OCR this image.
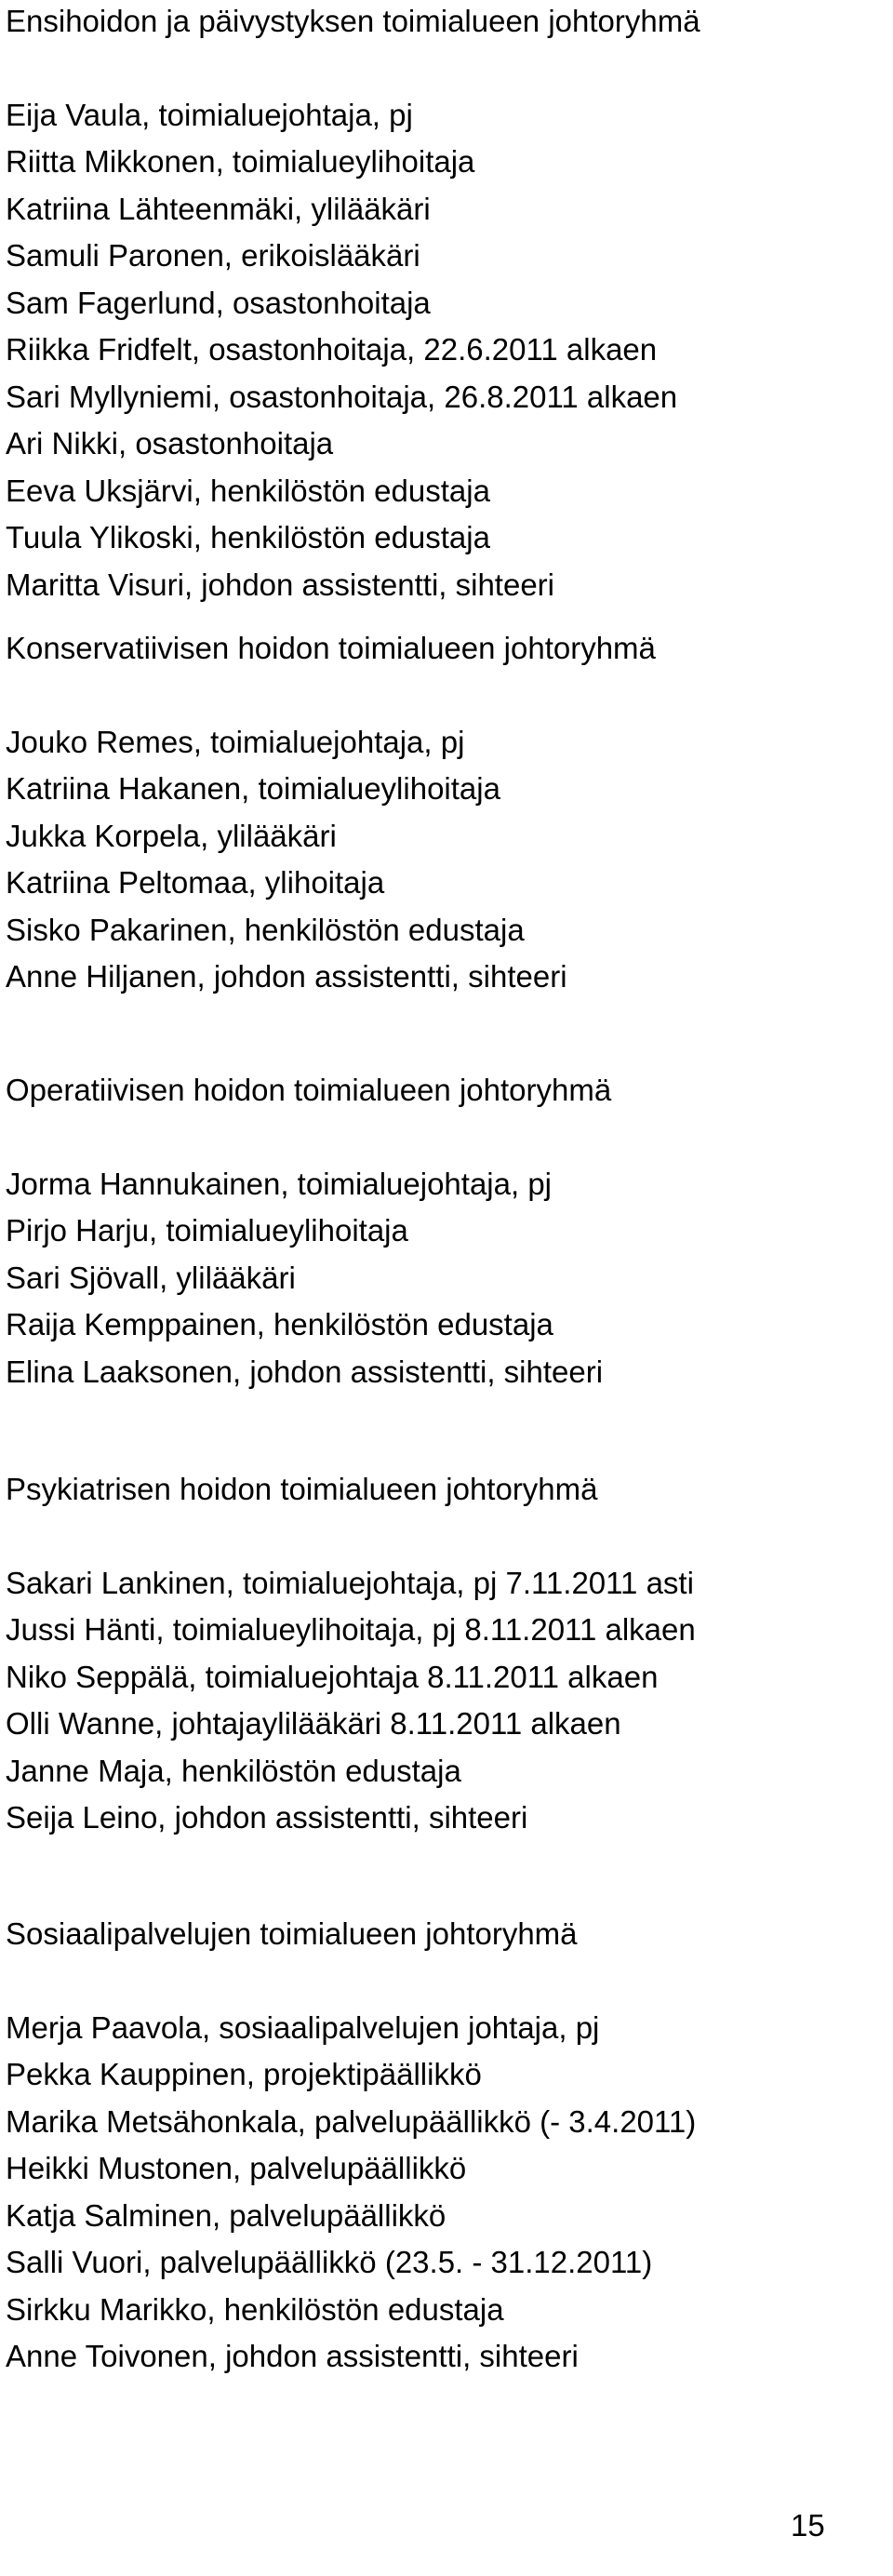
Ensihoidon ja päivystyksen toimialueen johtoryhmä

Eija Vaula, toimialuejohtaja, pj

Riitta Mikkonen, toimialueylihoitaja

Katriina Lähteenmäki, ylilääkäri

Samuli Paronen, erikoislääkäri

Sam Fagerlund, osastonhoitaja

Riikka Fridfelt, osastonhoitaja, 22.6.2011 alkaen

Sari Myllyniemi, osastonhoitaja, 26.8.2011 alkaen

Ari Nikki, osastonhoitaja

Eeva Uksjärvi, henkilöstön edustaja

Tuula Ylikoski, henkilöstön edustaja

Maritta Visuri, johdon assistentti, sihteeri

Konservatiivisen hoidon toimialueen johtoryhmä

Jouko Remes, toimialuejohtaja, pj

Katriina Hakanen, toimialueylihoitaja

Jukka Korpela, ylilääkäri

Katriina Peltomaa, ylihoitaja

Sisko Pakarinen, henkilöstön edustaja

Anne Hiljanen, johdon assistentti, sihteeri

Operatiivisen hoidon toimialueen johtoryhmä

Jorma Hannukainen, toimialuejohtaja, pj

Pirjo Harju, toimialueylihoitaja

Sari Sjövall, ylilääkäri

Raija Kemppainen, henkilöstön edustaja

Elina Laaksonen, johdon assistentti, sihteeri

Psykiatrisen hoidon toimialueen johtoryhmä

Sakari Lankinen, toimialuejohtaja, pj 7.11.2011 asti

Jussi Hänti, toimialueylihoitaja, pj 8.11.2011 alkaen

Niko Seppälä, toimialuejohtaja 8.11.2011 alkaen

Olli Wanne, johtajaylilääkäri 8.11.2011 alkaen

Janne Maja, henkilöstön edustaja

Seija Leino, johdon assistentti, sihteeri

Sosiaalipalvelujen toimialueen johtoryhmä

Merja Paavola, sosiaalipalvelujen johtaja, pj

Pekka Kauppinen, projektipäällikkö

Marika Metsähonkala, palvelupäällikkö (- 3.4.2011)

Heikki Mustonen, palvelupäällikkö

Katja Salminen, palvelupäällikkö

Salli Vuori, palvelupäällikkö (23.5. - 31.12.2011)

Sirkku Marikko, henkilöstön edustaja

Anne Toivonen, johdon assistentti, sihteeri

15
